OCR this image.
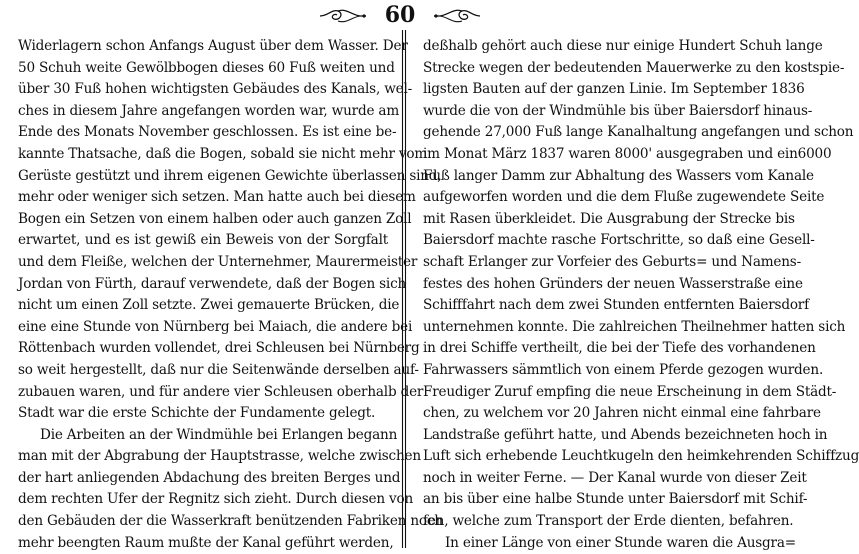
60
Widerlagern schon Anfangs August über dem Wasser. Der
50 Schuh weite Gewölbbogen dieses 60 Fuß weiten und
über 30 Fuß hohen wichtigsten Gebäudes des Kanals, wel-
ches in diesem Jahre angefangen worden war, wurde am
Ende des Monats November geschlossen. Es ist eine be-
kannte Thatsache, daß die Bogen, sobald sie nicht mehr vom
Gerüste gestützt und ihrem eigenen Gewichte überlassen sind,
mehr oder weniger sich setzen. Man hatte auch bei diesem
Bogen ein Setzen von einem halben oder auch ganzen Zoll
erwartet, und es ist gewiß ein Beweis von der Sorgfalt
und dem Fleiße, welchen der Unternehmer, Maurermeister
Jordan von Fürth, darauf verwendete, daß der Bogen sich
nicht um einen Zoll setzte. Zwei gemauerte Brücken, die
eine eine Stunde von Nürnberg bei Maiach, die andere bei
Röttenbach wurden vollendet, drei Schleusen bei Nürnberg
so weit hergestellt, daß nur die Seitenwände derselben auf-
zubauen waren, und für andere vier Schleusen oberhalb der
Stadt war die erste Schichte der Fundamente gelegt.
Die Arbeiten an der Windmühle bei Erlangen begann
man mit der Abgrabung der Hauptstrasse, welche zwischen
der hart anliegenden Abdachung des breiten Berges und
dem rechten Ufer der Regnitz sich zieht. Durch diesen von
den Gebäuden der die Wasserkraft benützenden Fabriken noch
mehr beengten Raum mußte der Kanal geführt werden,
deßhalb gehört auch diese nur einige Hundert Schuh lange
Strecke wegen der bedeutenden Mauerwerke zu den kostspie-
ligsten Bauten auf der ganzen Linie. Im September 1836
wurde die von der Windmühle bis über Baiersdorf hinaus-
gehende 27,000 Fuß lange Kanalhaltung angefangen und schon
im Monat März 1837 waren 8000' ausgegraben und ein6000
Fuß langer Damm zur Abhaltung des Wassers vom Kanale
aufgeworfen worden und die dem Fluße zugewendete Seite
mit Rasen überkleidet. Die Ausgrabung der Strecke bis
Baiersdorf machte rasche Fortschritte, so daß eine Gesell-
schaft Erlanger zur Vorfeier des Geburts= und Namens-
festes des hohen Gründers der neuen Wasserstraße eine
Schifffahrt nach dem zwei Stunden entfernten Baiersdorf
unternehmen konnte. Die zahlreichen Theilnehmer hatten sich
in drei Schiffe vertheilt, die bei der Tiefe des vorhandenen
Fahrwassers sämmtlich von einem Pferde gezogen wurden.
Freudiger Zuruf empfing die neue Erscheinung in dem Städt-
chen, zu welchem vor 20 Jahren nicht einmal eine fahrbare
Landstraße geführt hatte, und Abends bezeichneten hoch in
Luft sich erhebende Leuchtkugeln den heimkehrenden Schiffzug
noch in weiter Ferne. — Der Kanal wurde von dieser Zeit
an bis über eine halbe Stunde unter Baiersdorf mit Schif-
fen, welche zum Transport der Erde dienten, befahren.
In einer Länge von einer Stunde waren die Ausgra=
